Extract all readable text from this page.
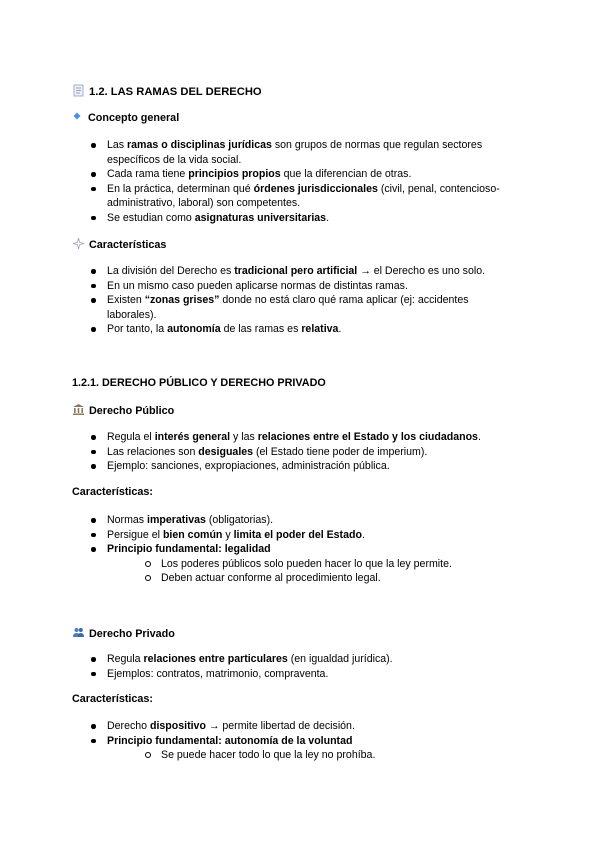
1.2. LAS RAMAS DEL DERECHO
Concepto general
Las ramas o disciplinas jurídicas son grupos de normas que regulan sectores específicos de la vida social.
Cada rama tiene principios propios que la diferencian de otras.
En la práctica, determinan qué órdenes jurisdiccionales (civil, penal, contencioso-administrativo, laboral) son competentes.
Se estudian como asignaturas universitarias.
Características
La división del Derecho es tradicional pero artificial → el Derecho es uno solo.
En un mismo caso pueden aplicarse normas de distintas ramas.
Existen “zonas grises” donde no está claro qué rama aplicar (ej: accidentes laborales).
Por tanto, la autonomía de las ramas es relativa.
1.2.1. DERECHO PÚBLICO Y DERECHO PRIVADO
Derecho Público
Regula el interés general y las relaciones entre el Estado y los ciudadanos.
Las relaciones son desiguales (el Estado tiene poder de imperium).
Ejemplo: sanciones, expropiaciones, administración pública.
Características:
Normas imperativas (obligatorias).
Persigue el bien común y limita el poder del Estado.
Principio fundamental: legalidad
Los poderes públicos solo pueden hacer lo que la ley permite.
Deben actuar conforme al procedimiento legal.
Derecho Privado
Regula relaciones entre particulares (en igualdad jurídica).
Ejemplos: contratos, matrimonio, compraventa.
Características:
Derecho dispositivo → permite libertad de decisión.
Principio fundamental: autonomía de la voluntad
Se puede hacer todo lo que la ley no prohíba.
